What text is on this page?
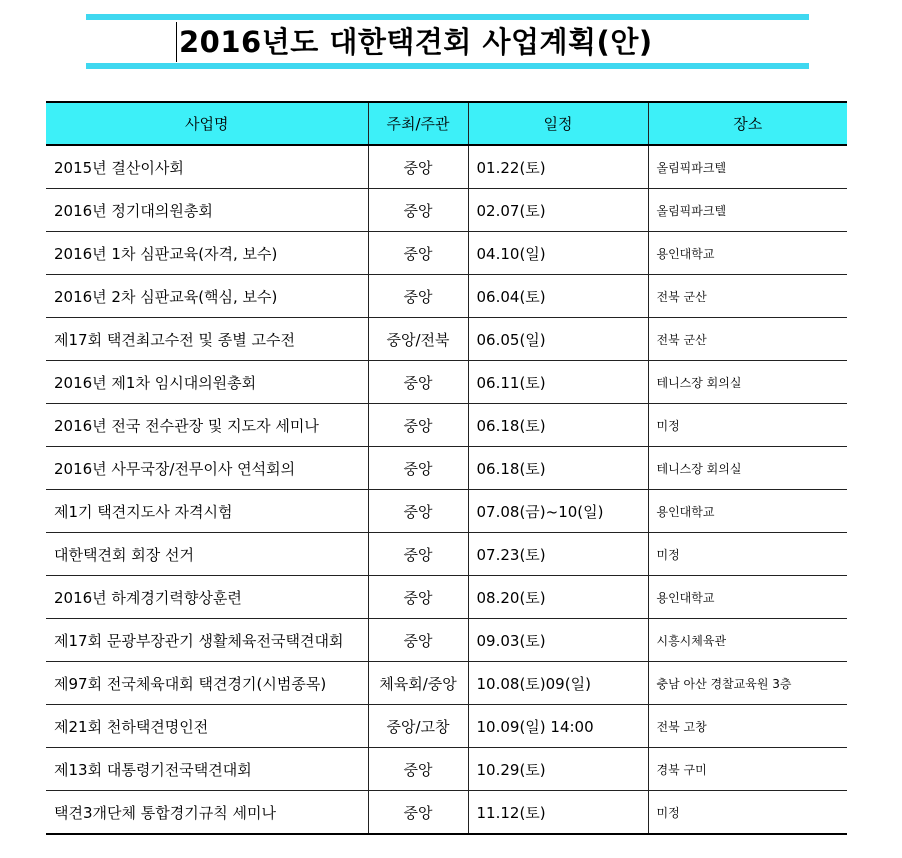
2016년도 대한택견회 사업계획(안)
사업명	주최/주관	일정	장소
2015년 결산이사회	중앙	01.22(토)	올림픽파크텔
2016년 정기대의원총회	중앙	02.07(토)	올림픽파크텔
2016년 1차 심판교육(자격, 보수)	중앙	04.10(일)	용인대학교
2016년 2차 심판교육(핵심, 보수)	중앙	06.04(토)	전북 군산
제17회 택견최고수전 및 종별 고수전	중앙/전북	06.05(일)	전북 군산
2016년 제1차 임시대의원총회	중앙	06.11(토)	테니스장 회의실
2016년 전국 전수관장 및 지도자 세미나	중앙	06.18(토)	미정
2016년 사무국장/전무이사 연석회의	중앙	06.18(토)	테니스장 회의실
제1기 택견지도사 자격시험	중앙	07.08(금)~10(일)	용인대학교
대한택견회 회장 선거	중앙	07.23(토)	미정
2016년 하계경기력향상훈련	중앙	08.20(토)	용인대학교
제17회 문광부장관기 생활체육전국택견대회	중앙	09.03(토)	시흥시체육관
제97회 전국체육대회 택견경기(시범종목)	체육회/중앙	10.08(토)09(일)	충남 아산 경찰교육원 3층
제21회 천하택견명인전	중앙/고창	10.09(일) 14:00	전북 고창
제13회 대통령기전국택견대회	중앙	10.29(토)	경북 구미
택견3개단체 통합경기규칙 세미나	중앙	11.12(토)	미정
